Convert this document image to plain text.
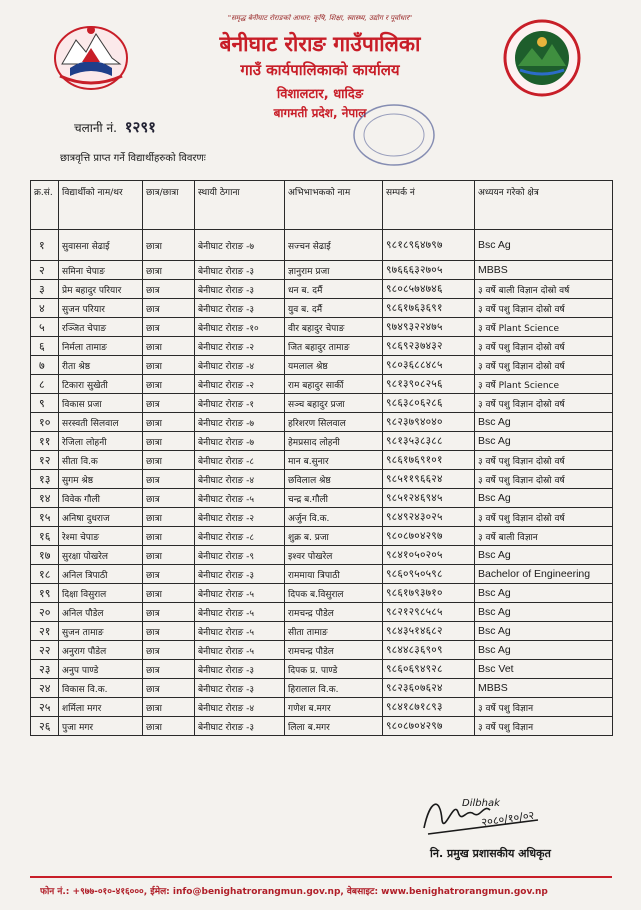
"समृद्ध बेनीघाट रोराङको आधार: कृषि, शिक्षा, स्वास्थ्य, उद्योग र पूर्वाधार"
बेनीघाट रोराङ गाउँपालिका
गाउँ कार्यपालिकाको कार्यालय
विशालटार, धादिङ
बागमती प्रदेश, नेपाल
चलानी नं. १२९१
छात्रवृत्ति प्राप्त गर्ने विद्यार्थीहरुको विवरणः
क्र.सं.	विद्यार्थीको नाम/थर	छात्र/छात्रा	स्थायी ठेगाना	अभिभाभकको नाम	सम्पर्क नं	अध्ययन गरेको क्षेत्र
१	सुवासना सेढाई	छात्रा	बेनीघाट रोराङ -७	सज्चन सेढाई	९८१८९६४७९७	Bsc Ag
२	समिना चेपाङ	छात्रा	बेनीघाट रोराङ -३	ज्ञानुराम प्रजा	९७६६६३२७०५	MBBS
३	प्रेम बहादुर परियार	छात्र	बेनीघाट रोराङ -३	धन ब. दर्मै	९८०८५७४७४६	३ वर्षे बाली विज्ञान दोस्रो वर्ष
४	सुजन परियार	छात्र	बेनीघाट रोराङ -३	युव ब. दर्मै	९८६१७६३६९१	३ वर्षे पशु विज्ञान दोस्रो वर्ष
५	रञ्जित चेपाङ	छात्र	बेनीघाट रोराङ -१०	वीर बहादुर चेपाङ	९७४९३२२४७५	३ वर्षे Plant Science
६	निर्मला तामाङ	छात्रा	बेनीघाट रोराङ -२	जित बहादुर तामाङ	९८६९२३७४३२	३ वर्षे पशु विज्ञान दोस्रो वर्ष
७	रीता श्रेष्ठ	छात्रा	बेनीघाट रोराङ -४	यमलाल श्रेष्ठ	९८०३६८८४८५	३ वर्षे पशु विज्ञान दोस्रो वर्ष
८	टिकारा सुखेती	छात्रा	बेनीघाट रोराङ -२	राम बहादुर सार्की	९८१३९०८२५६	३ वर्षे Plant Science
९	विकास प्रजा	छात्र	बेनीघाट रोराङ -१	सञ्च बहादुर प्रजा	९८६३८०६२८६	३ वर्षे पशु विज्ञान दोस्रो वर्ष
१०	सरस्वती सिलवाल	छात्रा	बेनीघाट रोराङ -७	हरिशरण सिलवाल	९८२३७९४०४०	Bsc Ag
११	रेजिला लोहनी	छात्रा	बेनीघाट रोराङ -७	हेमप्रसाद लोहनी	९८१३५३८३८८	Bsc Ag
१२	सीता वि.क	छात्रा	बेनीघाट रोराङ -८	मान ब.सुनार	९८६१७६९१०१	३ वर्षे पशु विज्ञान दोस्रो वर्ष
१३	सुगम श्रेष्ठ	छात्र	बेनीघाट रोराङ -४	छविलाल श्रेष्ठ	९८५११९६६२४	३ वर्षे पशु विज्ञान दोस्रो वर्ष
१४	विवेक गौली	छात्र	बेनीघाट रोराङ -५	चन्द्र ब.गौली	९८५१२४६९४५	Bsc Ag
१५	अनिषा दुधराज	छात्रा	बेनीघाट रोराङ -२	अर्जुन वि.क.	९८४९२४३०२५	३ वर्षे पशु विज्ञान दोस्रो वर्ष
१६	रेश्मा चेपाङ	छात्रा	बेनीघाट रोराङ -८	शुक्र ब. प्रजा	९८०८७०४२९७	३ वर्षे बाली विज्ञान
१७	सुरक्षा पोखरेल	छात्रा	बेनीघाट रोराङ -९	इश्वर पोखरेल	९८४१०५०२०५	Bsc Ag
१८	अनिल त्रिपाठी	छात्र	बेनीघाट रोराङ -३	राममाया त्रिपाठी	९८६०९५०५९८	Bachelor of Engineering
१९	दिक्षा विसुराल	छात्रा	बेनीघाट रोराङ -५	दिपक ब.विसुराल	९८६१७९३७१०	Bsc Ag
२०	अनिल पौडेल	छात्र	बेनीघाट रोराङ -५	रामचन्द्र पौडेल	९८२१२९८५८५	Bsc Ag
२१	सुजन तामाङ	छात्र	बेनीघाट रोराङ -५	सीता तामाङ	९८४३५१४६८२	Bsc Ag
२२	अनुराग पौडेल	छात्र	बेनीघाट रोराङ -५	रामचन्द्र पौडेल	९८४४८३६९०९	Bsc Ag
२३	अनुप पाण्डे	छात्र	बेनीघाट रोराङ -३	दिपक प्र. पाण्डे	९८६०६९४९२८	Bsc Vet
२४	विकास वि.क.	छात्र	बेनीघाट रोराङ -३	हिरालाल वि.क.	९८२३६०७६२४	MBBS
२५	शर्मिला मगर	छात्रा	बेनीघाट रोराङ -४	गणेश ब.मगर	९८४१८७१८९३	३ वर्षे पशु विज्ञान
२६	पुजा मगर	छात्रा	बेनीघाट रोराङ -३	लिला ब.मगर	९८०८७०४२९७	३ वर्षे पशु विज्ञान
Dilbhak
२०८०/१०/०२
नि. प्रमुख प्रशासकीय अधिकृत
फोन नं.: +९७७-०१०-४१६०००, ईमेल: info@benighatrorangmun.gov.np, वेबसाइट: www.benighatrorangmun.gov.np
